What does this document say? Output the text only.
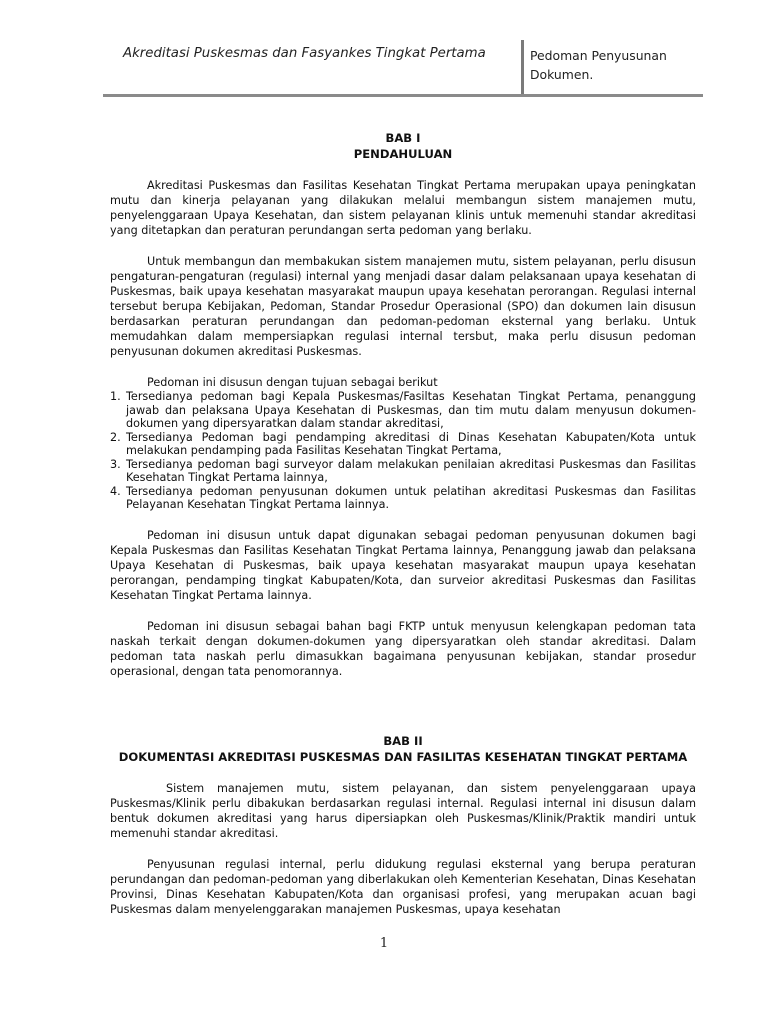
Akreditasi Puskesmas dan Fasyankes Tingkat Pertama	Pedoman Penyusunan Dokumen.
BAB I
PENDAHULUAN

Akreditasi Puskesmas dan Fasilitas Kesehatan Tingkat Pertama merupakan upaya peningkatan mutu dan kinerja pelayanan yang dilakukan melalui membangun sistem manajemen mutu, penyelenggaraan Upaya Kesehatan, dan sistem pelayanan klinis untuk memenuhi standar akreditasi yang ditetapkan dan peraturan perundangan serta pedoman yang berlaku.

Untuk membangun dan membakukan sistem manajemen mutu, sistem pelayanan, perlu disusun pengaturan-pengaturan (regulasi) internal yang menjadi dasar dalam pelaksanaan upaya kesehatan di Puskesmas, baik upaya kesehatan masyarakat maupun upaya kesehatan perorangan. Regulasi internal tersebut berupa Kebijakan, Pedoman, Standar Prosedur Operasional (SPO) dan dokumen lain disusun berdasarkan peraturan perundangan dan pedoman-pedoman eksternal yang berlaku. Untuk memudahkan dalam mempersiapkan regulasi internal tersbut, maka perlu disusun pedoman penyusunan dokumen akreditasi Puskesmas.

Pedoman ini disusun dengan tujuan sebagai berikut

1. Tersedianya pedoman bagi Kepala Puskesmas/Fasiltas Kesehatan Tingkat Pertama, penanggung jawab dan pelaksana Upaya Kesehatan di Puskesmas, dan tim mutu dalam menyusun dokumen-dokumen yang dipersyaratkan dalam standar akreditasi,
2. Tersedianya Pedoman bagi pendamping akreditasi di Dinas Kesehatan Kabupaten/Kota untuk melakukan pendamping pada Fasilitas Kesehatan Tingkat Pertama,
3. Tersedianya pedoman bagi surveyor dalam melakukan penilaian akreditasi Puskesmas dan Fasilitas Kesehatan Tingkat Pertama lainnya,
4. Tersedianya pedoman penyusunan dokumen untuk pelatihan akreditasi Puskesmas dan Fasilitas Pelayanan Kesehatan Tingkat Pertama lainnya.

Pedoman ini disusun untuk dapat digunakan sebagai pedoman penyusunan dokumen bagi Kepala Puskesmas dan Fasilitas Kesehatan Tingkat Pertama lainnya, Penanggung jawab dan pelaksana Upaya Kesehatan di Puskesmas, baik upaya kesehatan masyarakat maupun upaya kesehatan perorangan, pendamping tingkat Kabupaten/Kota, dan surveior akreditasi Puskesmas dan Fasilitas Kesehatan Tingkat Pertama lainnya.

Pedoman ini disusun sebagai bahan bagi FKTP untuk menyusun kelengkapan pedoman tata naskah terkait dengan dokumen-dokumen yang dipersyaratkan oleh standar akreditasi. Dalam pedoman tata naskah perlu dimasukkan bagaimana penyusunan kebijakan, standar prosedur operasional, dengan tata penomorannya.

BAB II
DOKUMENTASI AKREDITASI PUSKESMAS DAN FASILITAS KESEHATAN TINGKAT PERTAMA

Sistem manajemen mutu, sistem pelayanan, dan sistem penyelenggaraan upaya Puskesmas/Klinik perlu dibakukan berdasarkan regulasi internal. Regulasi internal ini disusun dalam bentuk dokumen akreditasi yang harus dipersiapkan oleh Puskesmas/Klinik/Praktik mandiri untuk memenuhi standar akreditasi.

Penyusunan regulasi internal, perlu didukung regulasi eksternal yang berupa peraturan perundangan dan pedoman-pedoman yang diberlakukan oleh Kementerian Kesehatan, Dinas Kesehatan Provinsi, Dinas Kesehatan Kabupaten/Kota dan organisasi profesi, yang merupakan acuan bagi Puskesmas dalam menyelenggarakan manajemen Puskesmas, upaya kesehatan

1
